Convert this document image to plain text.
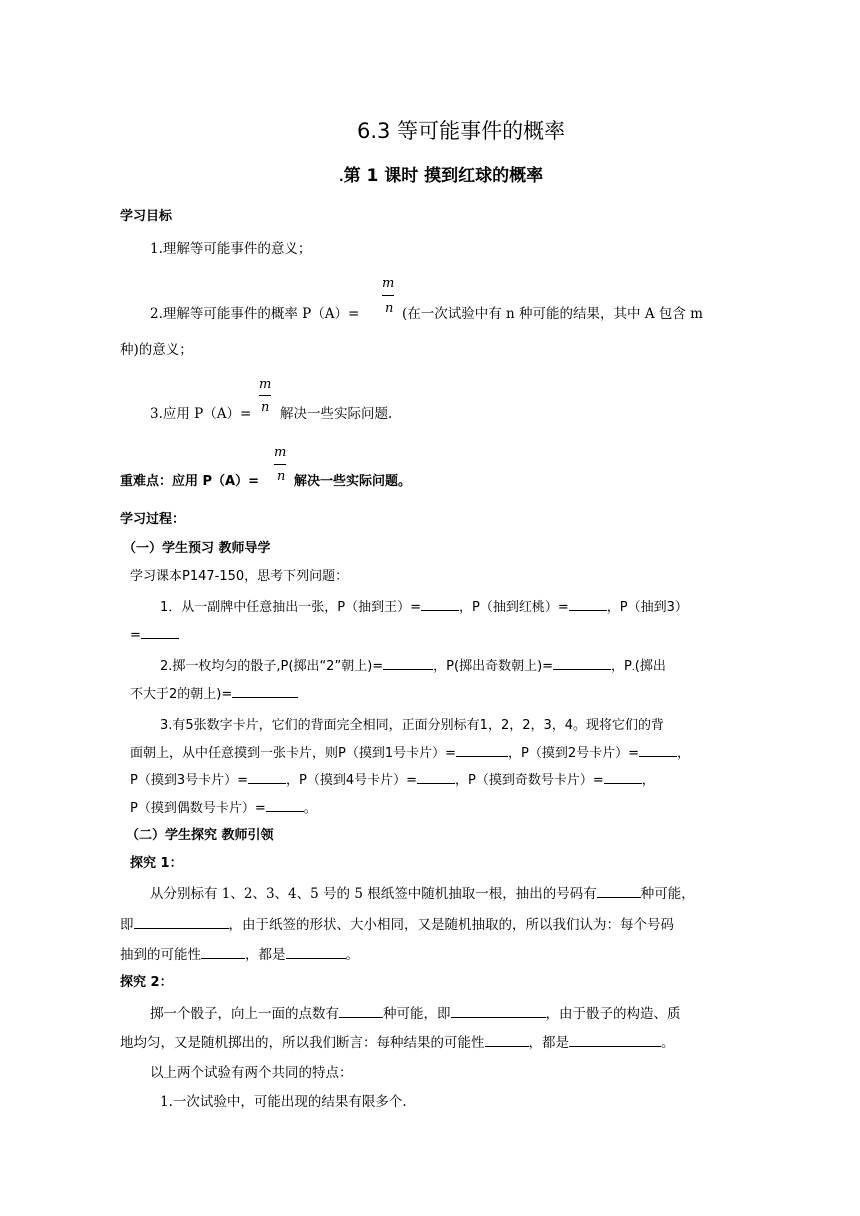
6.3 等可能事件的概率
.第 1 课时 摸到红球的概率
学习目标
1.理解等可能事件的意义；
m
n
2.理解等可能事件的概率 P（A）=	(在一次试验中有 n 种可能的结果，其中 A 包含 m
种)的意义；
m
n
3.应用 P（A）= 解决一些实际问题.
m
n
重难点：应用 P（A）=	解决一些实际问题。
学习过程：
（一）学生预习 教师导学
学习课本P147-150，思考下列问题：
1．从一副牌中任意抽出一张，P（抽到王）=	，P（抽到红桃）=	，P（抽到3）
=
2.掷一枚均匀的骰子,P(掷出“2”朝上)=	，P(掷出奇数朝上)=	，P.(掷出
不大于2的朝上)=
3.有5张数字卡片，它们的背面完全相同，正面分别标有1，2，2，3，4。现将它们的背
面朝上，从中任意摸到一张卡片，则P（摸到1号卡片）=	，P（摸到2号卡片）=	，
P（摸到3号卡片）=	，P（摸到4号卡片）=	，P（摸到奇数号卡片）=	，
P（摸到偶数号卡片）=	。
（二）学生探究 教师引领
探究 1：
从分别标有 1、2、3、4、5 号的 5 根纸签中随机抽取一根，抽出的号码有	种可能，
即	，由于纸签的形状、大小相同，又是随机抽取的，所以我们认为：每个号码
抽到的可能性	，都是	。
探究 2：
掷一个骰子，向上一面的点数有	种可能，即	，由于骰子的构造、质
地均匀，又是随机掷出的，所以我们断言：每种结果的可能性	，都是	。
以上两个试验有两个共同的特点：
1.一次试验中，可能出现的结果有限多个.
